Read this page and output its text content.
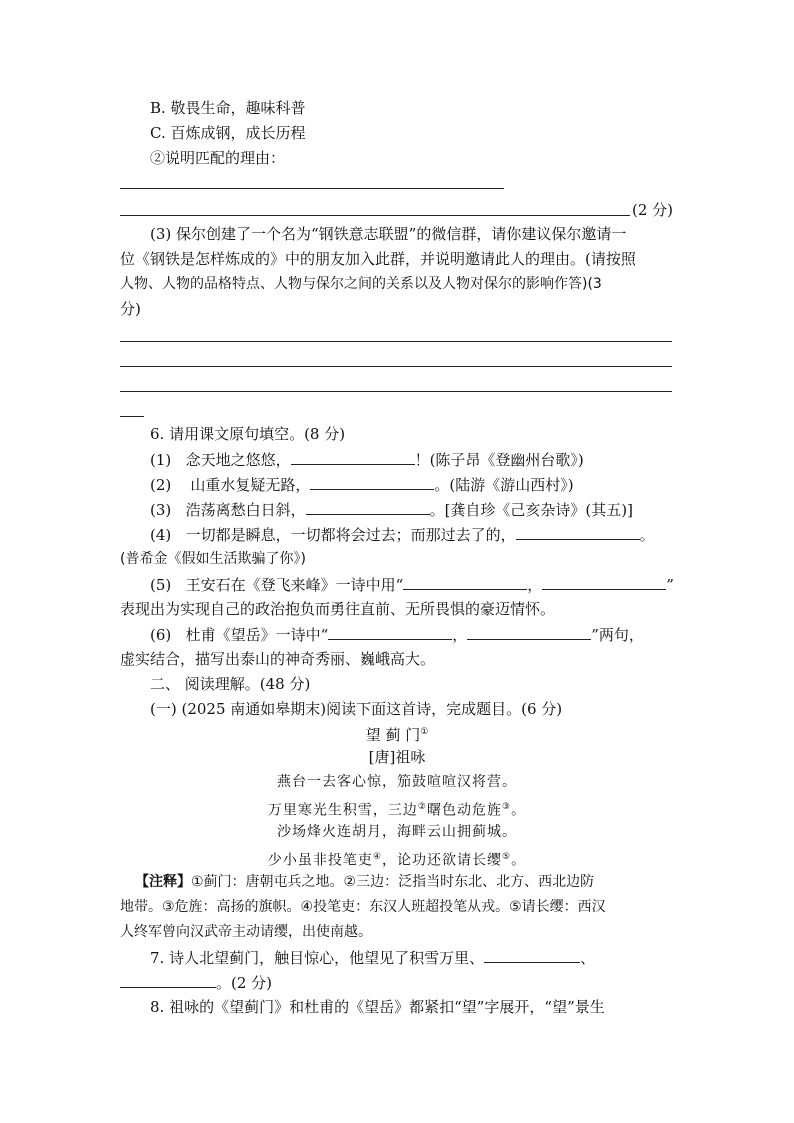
B. 敬畏生命，趣味科普
C. 百炼成钢，成长历程
②说明匹配的理由：
(2 分)
(3) 保尔创建了一个名为“钢铁意志联盟”的微信群，请你建议保尔邀请一
位《钢铁是怎样炼成的》中的朋友加入此群，并说明邀请此人的理由。(请按照
人物、人物的品格特点、人物与保尔之间的关系以及人物对保尔的影响作答)(3
分)
6. 请用课文原句填空。(8 分)
(1) 念天地之悠悠，	！(陈子昂《登幽州台歌》)
(2) 山重水复疑无路，	。(陆游《游山西村》)
(3) 浩荡离愁白日斜，	。[龚自珍《己亥杂诗》(其五)]
(4) 一切都是瞬息，一切都将会过去；而那过去了的，	。
(普希金《假如生活欺骗了你》)
(5) 王安石在《登飞来峰》一诗中用“	，	”
表现出为实现自己的政治抱负而勇往直前、无所畏惧的豪迈情怀。
(6) 杜甫《望岳》一诗中“	，	”两句，
虚实结合，描写出泰山的神奇秀丽、巍峨高大。
二、 阅读理解。(48 分)
(一) (2025 南通如皋期末)阅读下面这首诗，完成题目。(6 分)
望 蓟 门①
[唐]祖咏
燕台一去客心惊，笳鼓喧喧汉将营。
万里寒光生积雪，三边②曙色动危旌③。
沙场烽火连胡月，海畔云山拥蓟城。
少小虽非投笔吏④，论功还欲请长缨⑤。
【注释】①蓟门：唐朝屯兵之地。②三边：泛指当时东北、北方、西北边防
地带。③危旌：高扬的旗帜。④投笔吏：东汉人班超投笔从戎。⑤请长缨：西汉
人终军曾向汉武帝主动请缨，出使南越。
7. 诗人北望蓟门，触目惊心，他望见了积雪万里、	、
。(2 分)
8. 祖咏的《望蓟门》和杜甫的《望岳》都紧扣“望”字展开，“望”景生
